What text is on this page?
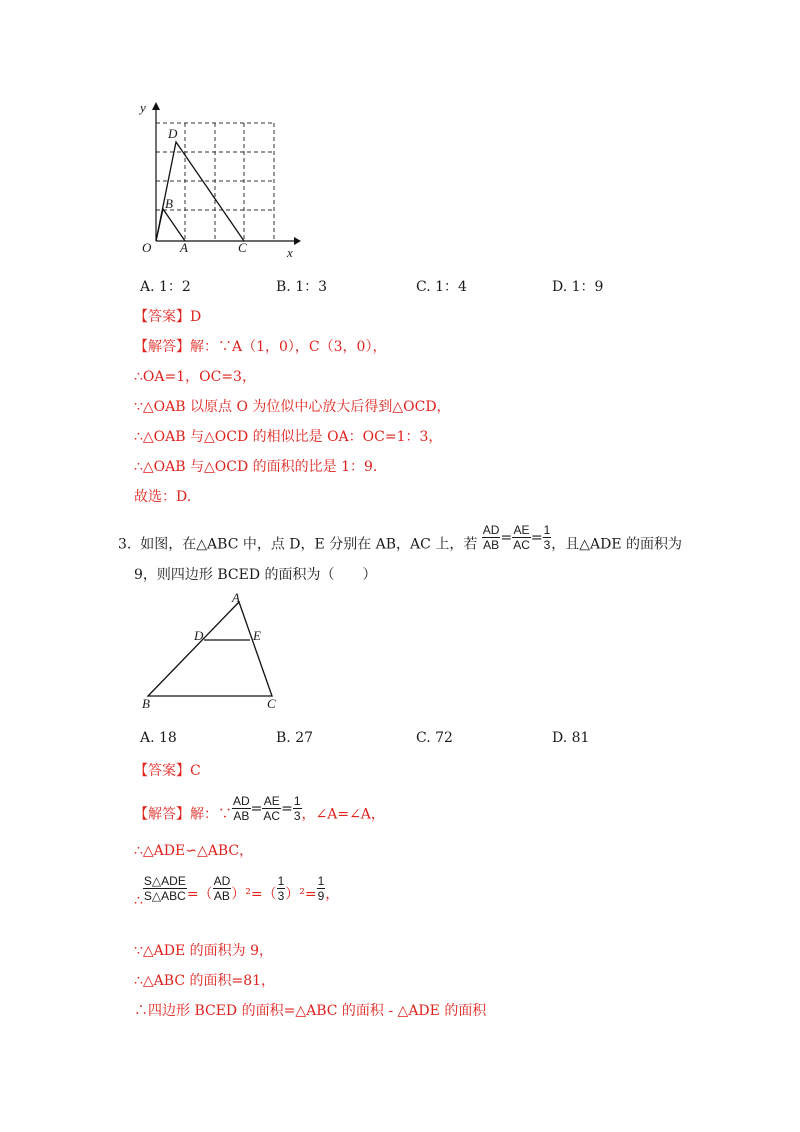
y
x
O A	C
B
D
A. 1：2	B. 1：3	C. 1：4	D. 1：9
【答案】D
【解答】解：∵A（1，0），C（3，0），
∴OA=1，OC=3，
∵△OAB 以原点 O 为位似中心放大后得到△OCD，
∴△OAB 与△OCD 的相似比是 OA：OC=1：3，
∴△OAB 与△OCD 的面积的比是 1：9.
故选：D.
3. 如图，在△ABC 中，点 D，E 分别在 AB，AC 上，若 $\frac{AD}{AB} = \frac{AE}{AC} = \frac{1}{3}$ ，且△ADE 的面积为
9，则四边形 BCED 的面积为（　　）
A
D	E
B	C
A. 18	B. 27	C. 72	D. 81
【答案】C
【解答】解：∵ $\frac{AD}{AB} = \frac{AE}{AC} = \frac{1}{3}$ ，∠A=∠A，
∴△ADE∽△ABC，
∴ $\frac{\text{S△ADE}}{\text{S△ABC}}$ =（ $\frac{AD}{AB} )^2=( \frac{1}{3} )^2= \frac{1}{9}$ ，
∵△ADE 的面积为 9，
∴△ABC 的面积=81，
∴四边形 BCED 的面积=△ABC 的面积 - △ADE 的面积
